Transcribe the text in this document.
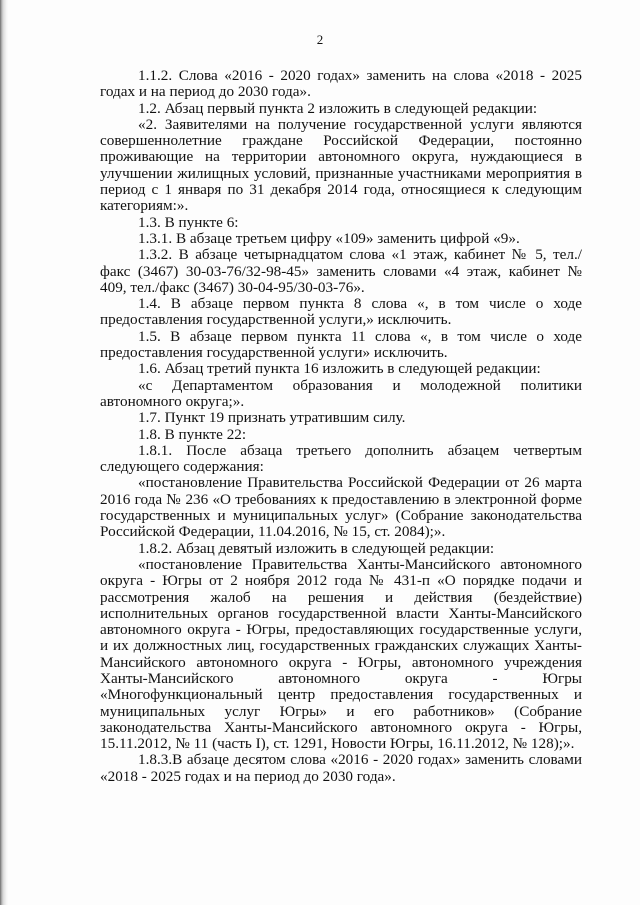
2

1.1.2. Слова «2016 - 2020 годах» заменить на слова «2018 - 2025 годах и на период до 2030 года».

1.2. Абзац первый пункта 2 изложить в следующей редакции:

«2. Заявителями на получение государственной услуги являются совершеннолетние граждане Российской Федерации, постоянно проживающие на территории автономного округа, нуждающиеся в улучшении жилищных условий, признанные участниками мероприятия в период с 1 января по 31 декабря 2014 года, относящиеся к следующим категориям:».

1.3. В пункте 6:

1.3.1. В абзаце третьем цифру «109» заменить цифрой «9».

1.3.2. В абзаце четырнадцатом слова «1 этаж, кабинет № 5, тел./факс (3467) 30-03-76/32-98-45» заменить словами «4 этаж, кабинет № 409, тел./факс (3467) 30-04-95/30-03-76».

1.4. В абзаце первом пункта 8 слова «, в том числе о ходе предоставления государственной услуги,» исключить.

1.5. В абзаце первом пункта 11 слова «, в том числе о ходе предоставления государственной услуги» исключить.

1.6. Абзац третий пункта 16 изложить в следующей редакции:

«с Департаментом образования и молодежной политики автономного округа;».

1.7. Пункт 19 признать утратившим силу.

1.8. В пункте 22:

1.8.1. После абзаца третьего дополнить абзацем четвертым следующего содержания:

«постановление Правительства Российской Федерации от 26 марта 2016 года № 236 «О требованиях к предоставлению в электронной форме государственных и муниципальных услуг» (Собрание законодательства Российской Федерации, 11.04.2016, № 15, ст. 2084);».

1.8.2. Абзац девятый изложить в следующей редакции:

«постановление Правительства Ханты-Мансийского автономного округа - Югры от 2 ноября 2012 года № 431-п «О порядке подачи и рассмотрения жалоб на решения и действия (бездействие) исполнительных органов государственной власти Ханты-Мансийского автономного округа - Югры, предоставляющих государственные услуги, и их должностных лиц, государственных гражданских служащих Ханты-Мансийского автономного округа - Югры, автономного учреждения Ханты-Мансийского автономного округа - Югры «Многофункциональный центр предоставления государственных и муниципальных услуг Югры» и его работников» (Собрание законодательства Ханты-Мансийского автономного округа - Югры, 15.11.2012, № 11 (часть I), ст. 1291, Новости Югры, 16.11.2012, № 128);».

1.8.3.В абзаце десятом слова «2016 - 2020 годах» заменить словами «2018 - 2025 годах и на период до 2030 года».
